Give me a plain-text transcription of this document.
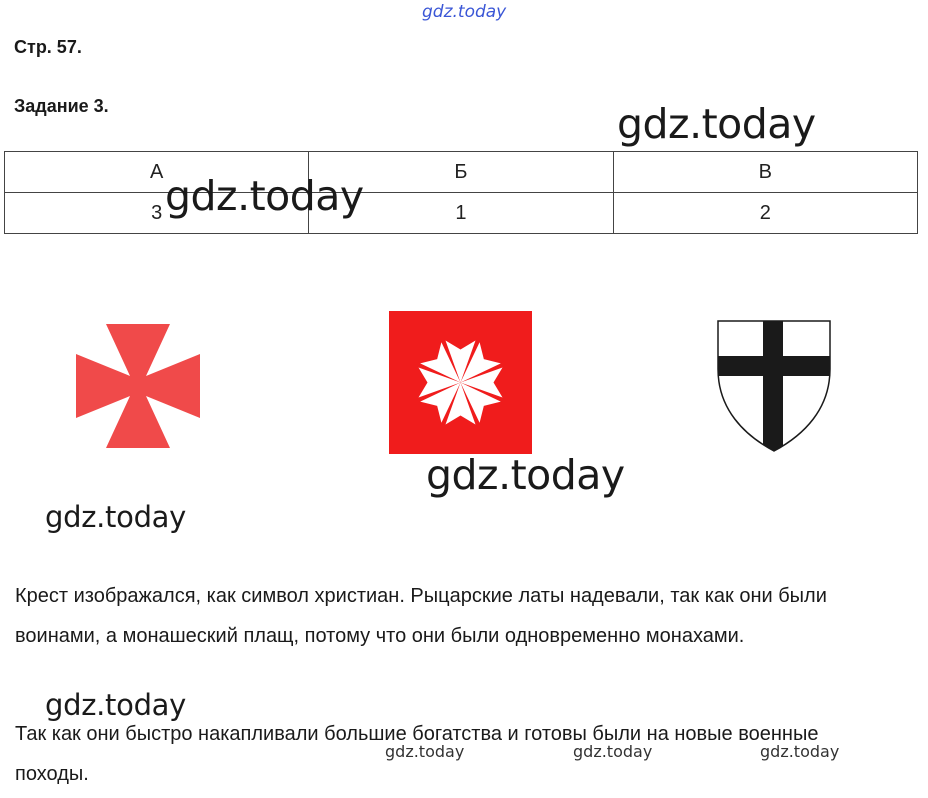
gdz.today
Стр. 57.
Задание 3.
А	Б	В
3	1	2
gdz.today
gdz.today
gdz.today
gdz.today
Крест изображался, как символ христиан. Рыцарские латы надевали, так как они были воинами, а монашеский плащ, потому что они были одновременно монахами.
gdz.today
Так как они быстро накапливали большие богатства и готовы были на новые военные походы.
gdz.today	gdz.today	gdz.today
